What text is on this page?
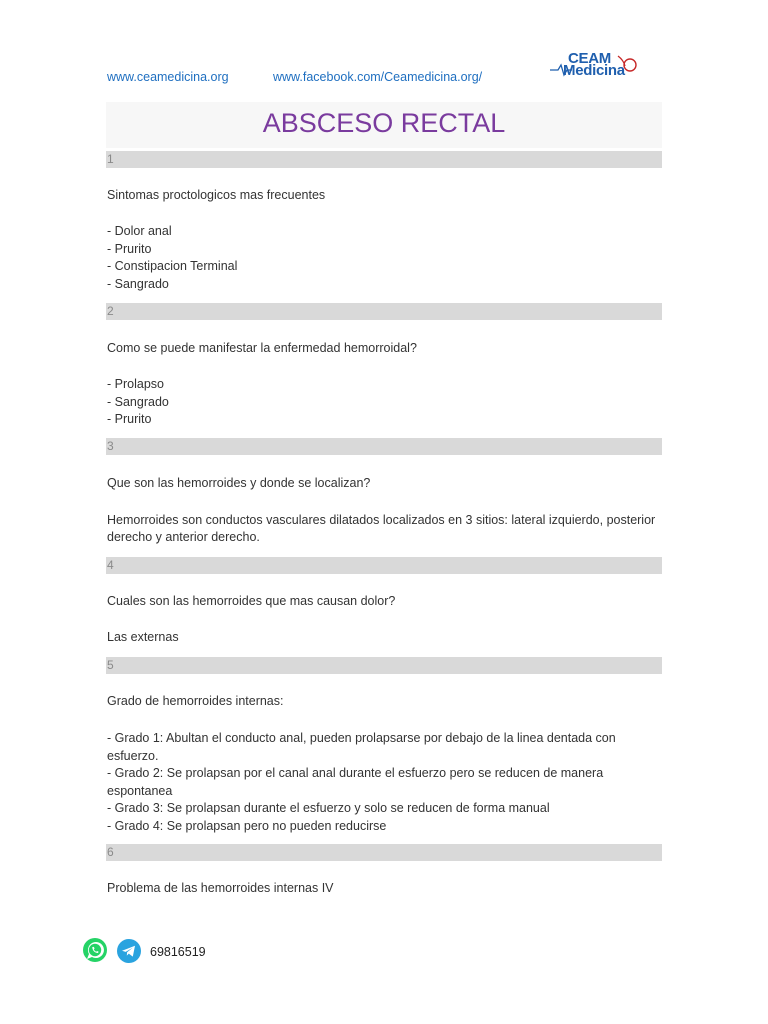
www.ceamedicina.org	www.facebook.com/Ceamedicina.org/
CEAM
Medicina
ABSCESO RECTAL
1
Sintomas proctologicos mas frecuentes
- Dolor anal
- Prurito
- Constipacion Terminal
- Sangrado
2
Como se puede manifestar la enfermedad hemorroidal?
- Prolapso
- Sangrado
- Prurito
3
Que son las hemorroides y donde se localizan?
Hemorroides son conductos vasculares dilatados localizados en 3 sitios: lateral izquierdo, posterior
derecho y anterior derecho.
4
Cuales son las hemorroides que mas causan dolor?
Las externas
5
Grado de hemorroides internas:
- Grado 1: Abultan el conducto anal, pueden prolapsarse por debajo de la linea dentada con
esfuerzo.
- Grado 2: Se prolapsan por el canal anal durante el esfuerzo pero se reducen de manera
espontanea
- Grado 3: Se prolapsan durante el esfuerzo y solo se reducen de forma manual
- Grado 4: Se prolapsan pero no pueden reducirse
6
Problema de las hemorroides internas IV
69816519
